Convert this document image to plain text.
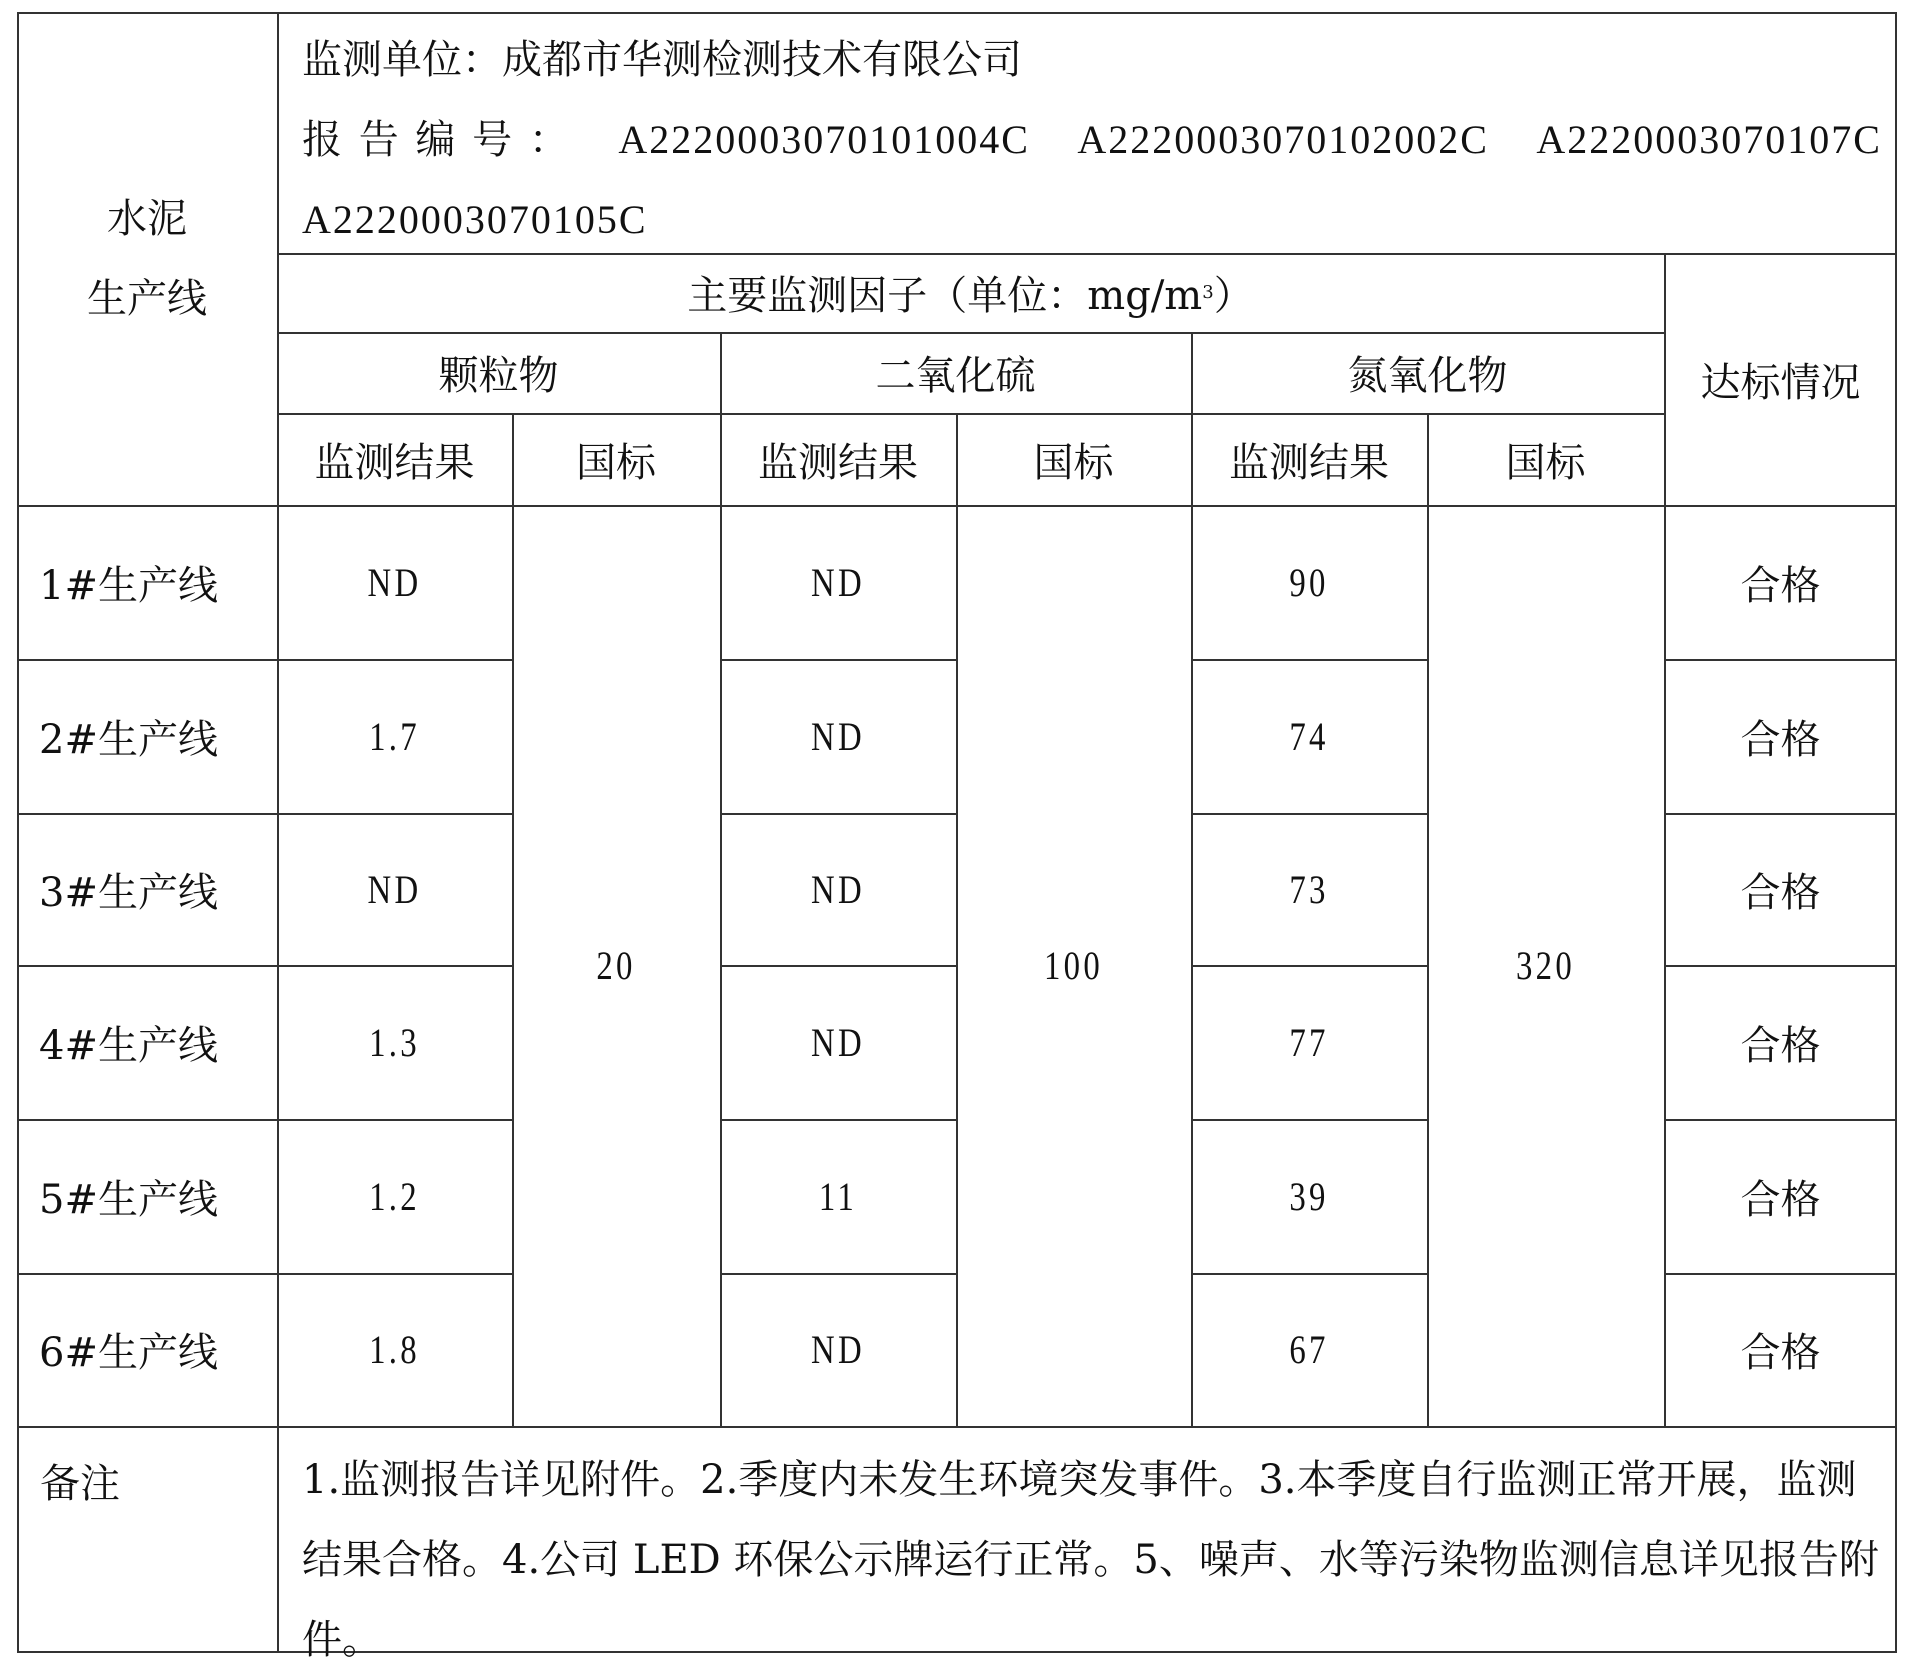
水泥
生产线
监测单位：成都市华测检测技术有限公司
报 告 编 号 ： A2220003070101004C A2220003070102002C A2220003070107C
A2220003070105C
主要监测因子（单位：mg/m 3 ）
达标情况
颗粒物	二氧化硫	氮氧化物
监测结果	国标	监测结果	国标	监测结果	国标
20	100	320
1#生产线	ND	ND	90	合格
2#生产线	1.7	ND	74	合格
3#生产线	ND	ND	73	合格
4#生产线	1.3	ND	77	合格
5#生产线	1.2	11	39	合格
6#生产线	1.8	ND	67	合格
备注	1.监测报告详见附件。2.季度内未发生环境突发事件。3.本季度自行监测正常开展，监测结果合格。4.公司 LED 环保公示牌运行正常。5、噪声、水等污染物监测信息详见报告附件。
